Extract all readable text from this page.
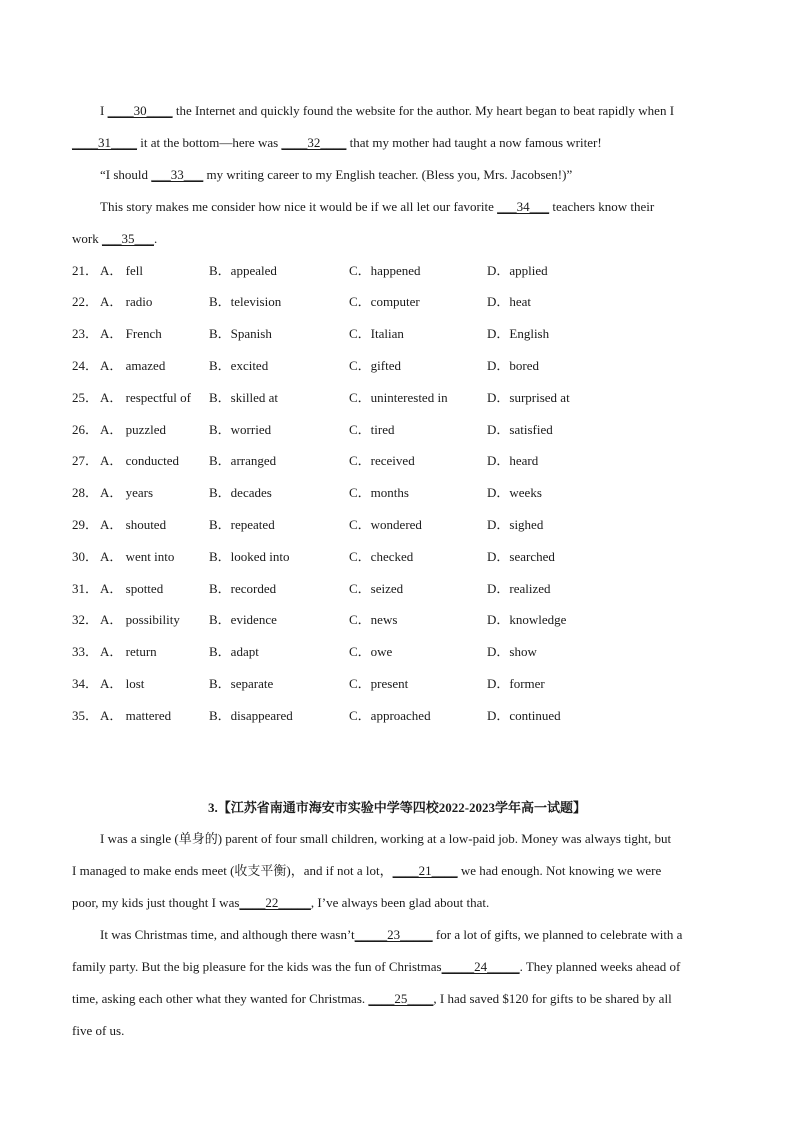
I ____30____ the Internet and quickly found the website for the author. My heart began to beat rapidly when I
____31____ it at the bottom—here was ____32____ that my mother had taught a now famous writer!
“I should ___33___ my writing career to my English teacher. (Bless you, Mrs. Jacobsen!)”
This story makes me consider how nice it would be if we all let our favorite ___34___ teachers know their
work ___35___.
21． A． fell	B．appealed	C．happened	D．applied
22． A． radio	B．television	C．computer	D．heat
23． A． French	B．Spanish	C．Italian	D．English
24． A． amazed	B．excited	C．gifted	D．bored
25． A． respectful of B．skilled at	C．uninterested in	D．surprised at
26． A． puzzled	B．worried	C．tired	D．satisfied
27． A． conducted B．arranged	C．received	D．heard
28． A． years	B．decades	C．months	D．weeks
29． A． shouted	B．repeated	C．wondered	D．sighed
30． A． went into	B．looked into	C．checked	D．searched
31． A． spotted	B．recorded	C．seized	D．realized
32． A． possibility B．evidence	C．news	D．knowledge
33． A． return	B．adapt	C．owe	D．show
34． A． lost	B．separate	C．present	D．former
35． A． mattered	B．disappeared	C．approached	D．continued
3.【江苏省南通市海安市实验中学等四校2022-2023学年高一试题】
I was a single (单身的) parent of four small children, working at a low-paid job. Money was always tight, but
I managed to make ends meet (收支平衡)，and if not a lot，____21____ we had enough. Not knowing we were
poor, my kids just thought I was____22_____, I’ve always been glad about that.
It was Christmas time, and although there wasn’t_____23_____ for a lot of gifts, we planned to celebrate with a
family party. But the big pleasure for the kids was the fun of Christmas_____24_____. They planned weeks ahead of
time, asking each other what they wanted for Christmas. ____25____, I had saved $120 for gifts to be shared by all
five of us.
